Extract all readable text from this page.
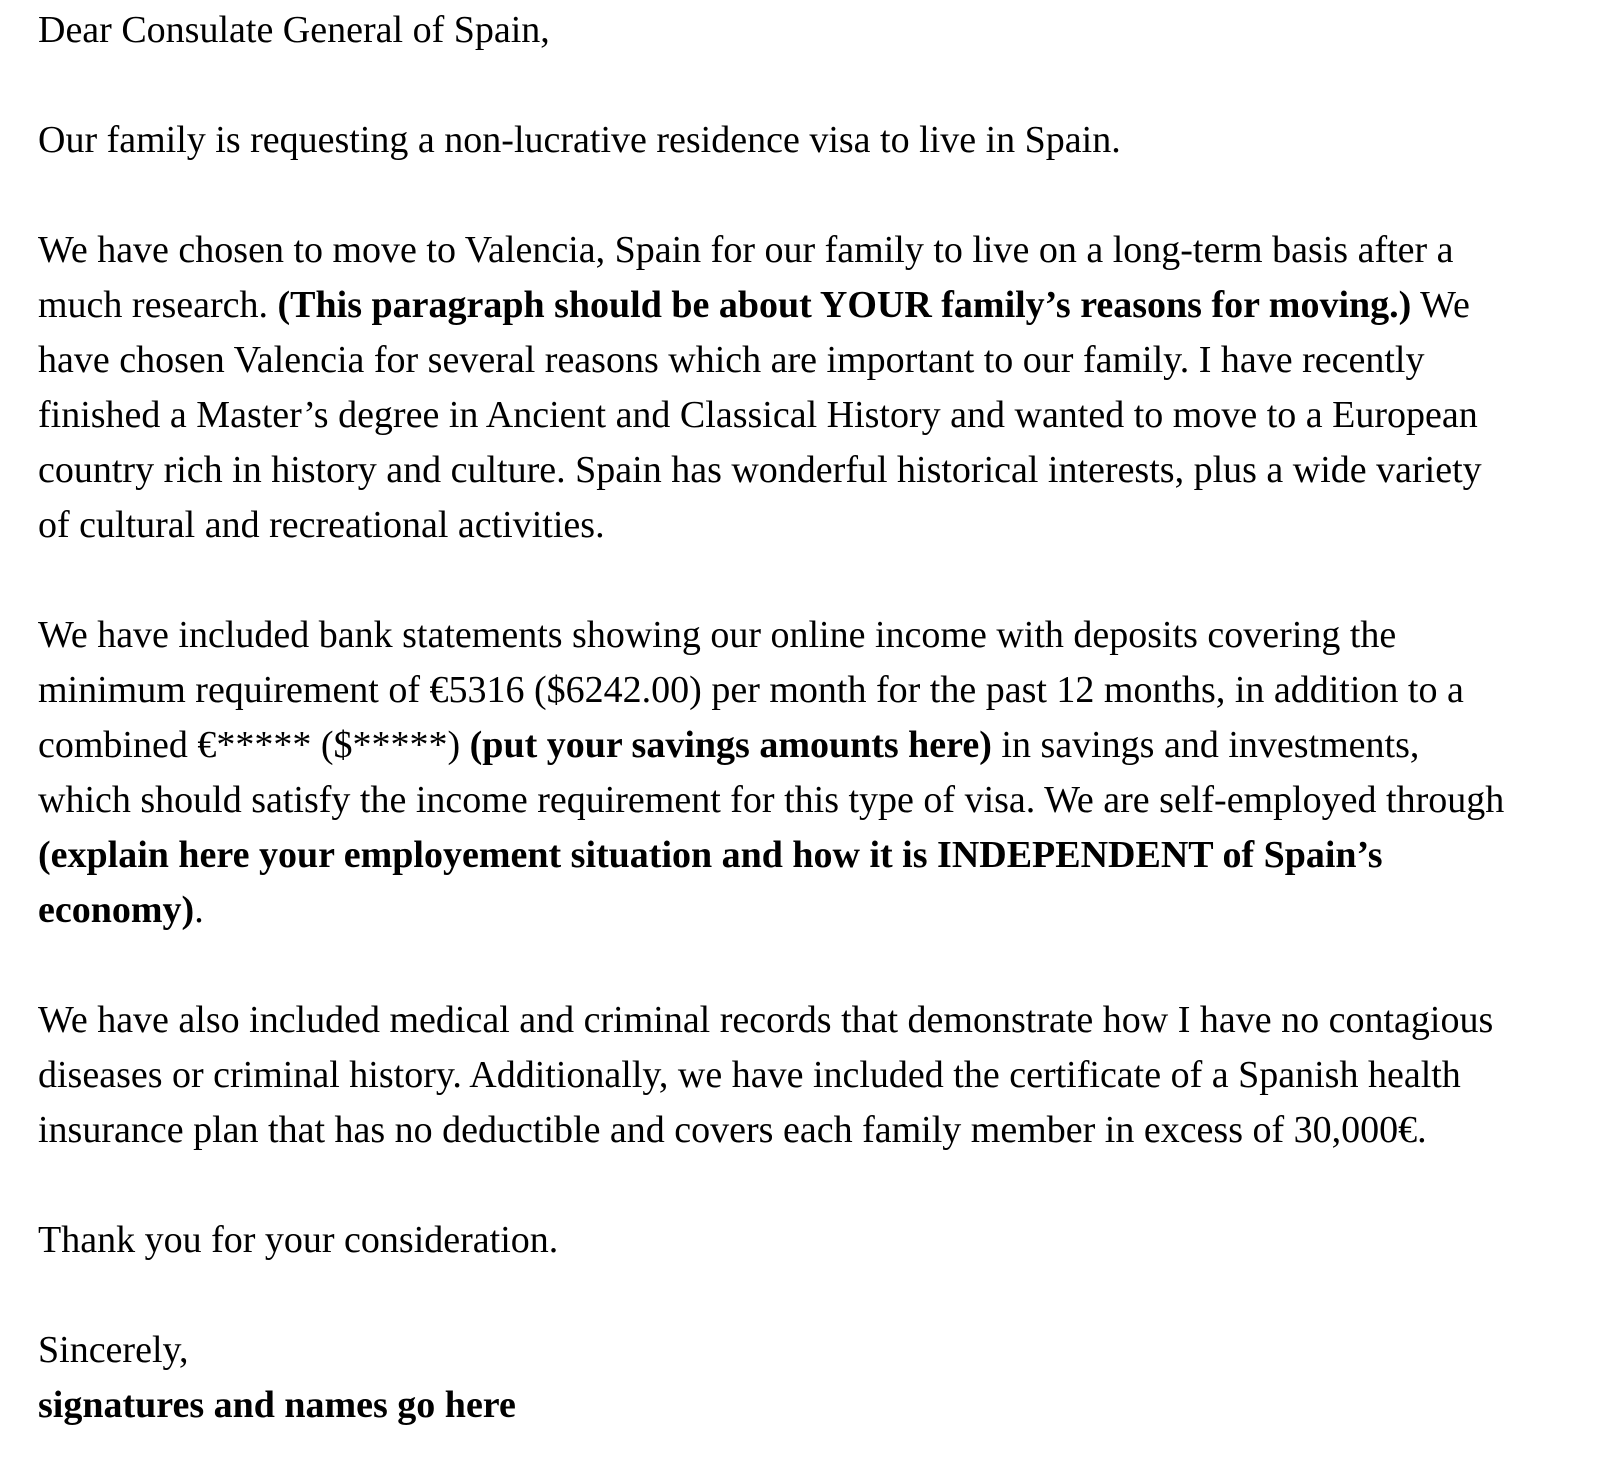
Dear Consulate General of Spain,
Our family is requesting a non-lucrative residence visa to live in Spain.
We have chosen to move to Valencia, Spain for our family to live on a long-term basis after a
much research. (This paragraph should be about YOUR family’s reasons for moving.) We
have chosen Valencia for several reasons which are important to our family. I have recently
finished a Master’s degree in Ancient and Classical History and wanted to move to a European
country rich in history and culture. Spain has wonderful historical interests, plus a wide variety
of cultural and recreational activities.
We have included bank statements showing our online income with deposits covering the
minimum requirement of €5316 ($6242.00) per month for the past 12 months, in addition to a
combined €***** ($*****) (put your savings amounts here) in savings and investments,
which should satisfy the income requirement for this type of visa. We are self-employed through
(explain here your employement situation and how it is INDEPENDENT of Spain’s
economy).
We have also included medical and criminal records that demonstrate how I have no contagious
diseases or criminal history. Additionally, we have included the certificate of a Spanish health
insurance plan that has no deductible and covers each family member in excess of 30,000€.
Thank you for your consideration.
Sincerely,
signatures and names go here
